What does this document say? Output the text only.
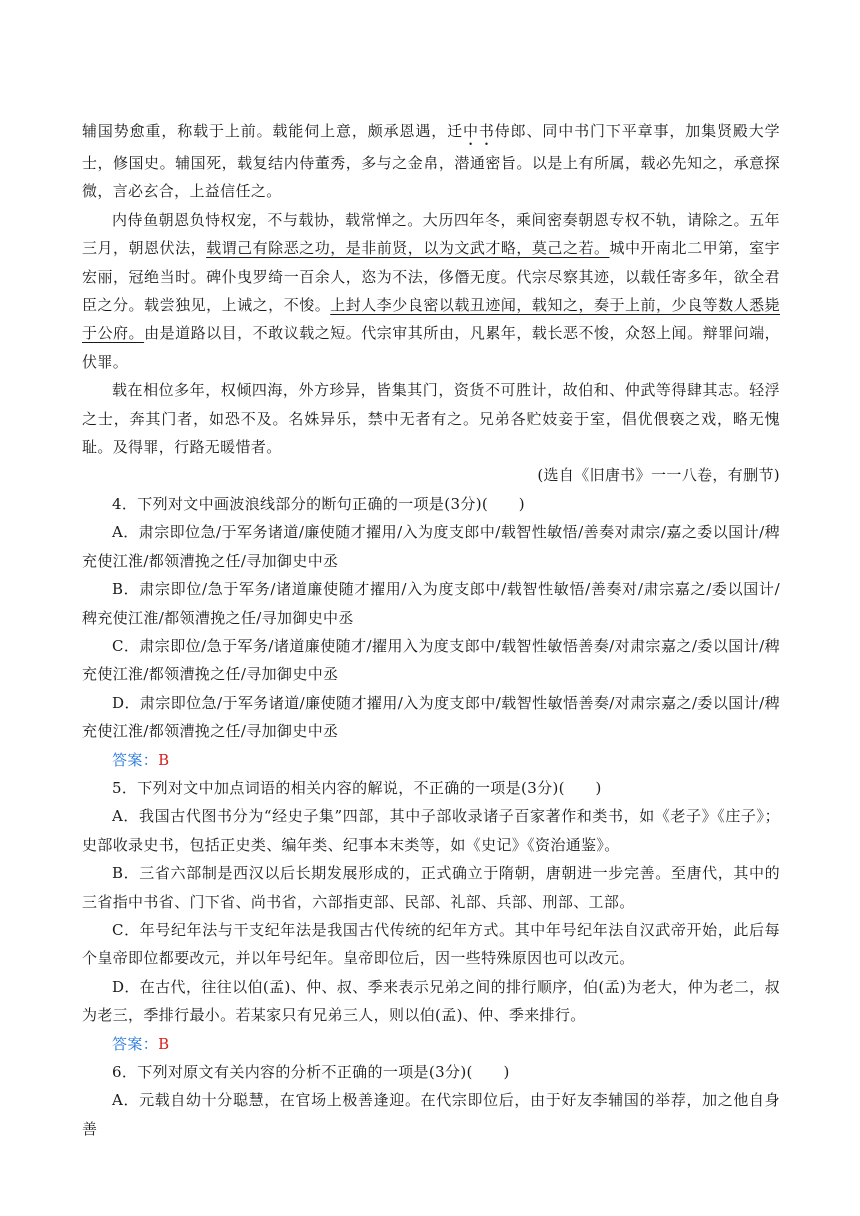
辅国势愈重，称载于上前。载能伺上意，颇承恩遇，迁中书侍郎、同中书门下平章事，加集贤殿大学士，修国史。辅国死，载复结内侍董秀，多与之金帛，潜通密旨。以是上有所属，载必先知之，承意探微，言必玄合，上益信任之。

内侍鱼朝恩负恃权宠，不与载协，载常惮之。大历四年冬，乘间密奏朝恩专权不轨，请除之。五年三月，朝恩伏法，载谓己有除恶之功，是非前贤，以为文武才略，莫己之若。城中开南北二甲第，室宇宏丽，冠绝当时。碑仆曳罗绮一百余人，恣为不法，侈僭无度。代宗尽察其迹，以载任寄多年，欲全君臣之分。载尝独见，上诫之，不悛。上封人李少良密以载丑迹闻，载知之，奏于上前，少良等数人悉毙于公府。由是道路以目，不敢议载之短。代宗审其所由，凡累年，载长恶不悛，众怒上闻。辩罪问端，伏罪。

载在相位多年，权倾四海，外方珍异，皆集其门，资货不可胜计，故伯和、仲武等得肆其志。轻浮之士，奔其门者，如恐不及。名姝异乐，禁中无者有之。兄弟各贮妓妾于室，倡优偎亵之戏，略无愧耻。及得罪，行路无暖惜者。

(选自《旧唐书》一一八卷，有删节)

4．下列对文中画波浪线部分的断句正确的一项是(3分)(　　)

A．肃宗即位急/于军务诸道/廉使随才擢用/入为度支郎中/载智性敏悟/善奏对肃宗/嘉之委以国计/稗充使江淮/都领漕挽之任/寻加御史中丞

B．肃宗即位/急于军务/诸道廉使随才擢用/入为度支郎中/载智性敏悟/善奏对/肃宗嘉之/委以国计/稗充使江淮/都领漕挽之任/寻加御史中丞

C．肃宗即位/急于军务/诸道廉使随才/擢用入为度支郎中/载智性敏悟善奏/对肃宗嘉之/委以国计/稗充使江淮/都领漕挽之任/寻加御史中丞

D．肃宗即位急/于军务诸道/廉使随才擢用/入为度支郎中/载智性敏悟善奏/对肃宗嘉之/委以国计/稗充使江淮/都领漕挽之任/寻加御史中丞

答案：B

5．下列对文中加点词语的相关内容的解说，不正确的一项是(3分)(　　)

A．我国古代图书分为“经史子集”四部，其中子部收录诸子百家著作和类书，如《老子》《庄子》；史部收录史书，包括正史类、编年类、纪事本末类等，如《史记》《资治通鉴》。

B．三省六部制是西汉以后长期发展形成的，正式确立于隋朝，唐朝进一步完善。至唐代，其中的三省指中书省、门下省、尚书省，六部指吏部、民部、礼部、兵部、刑部、工部。

C．年号纪年法与干支纪年法是我国古代传统的纪年方式。其中年号纪年法自汉武帝开始，此后每个皇帝即位都要改元，并以年号纪年。皇帝即位后，因一些特殊原因也可以改元。

D．在古代，往往以伯(孟)、仲、叔、季来表示兄弟之间的排行顺序，伯(孟)为老大，仲为老二，叔为老三，季排行最小。若某家只有兄弟三人，则以伯(孟)、仲、季来排行。

答案：B

6．下列对原文有关内容的分析不正确的一项是(3分)(　　)

A．元载自幼十分聪慧，在官场上极善逢迎。在代宗即位后，由于好友李辅国的举荐，加之他自身善
